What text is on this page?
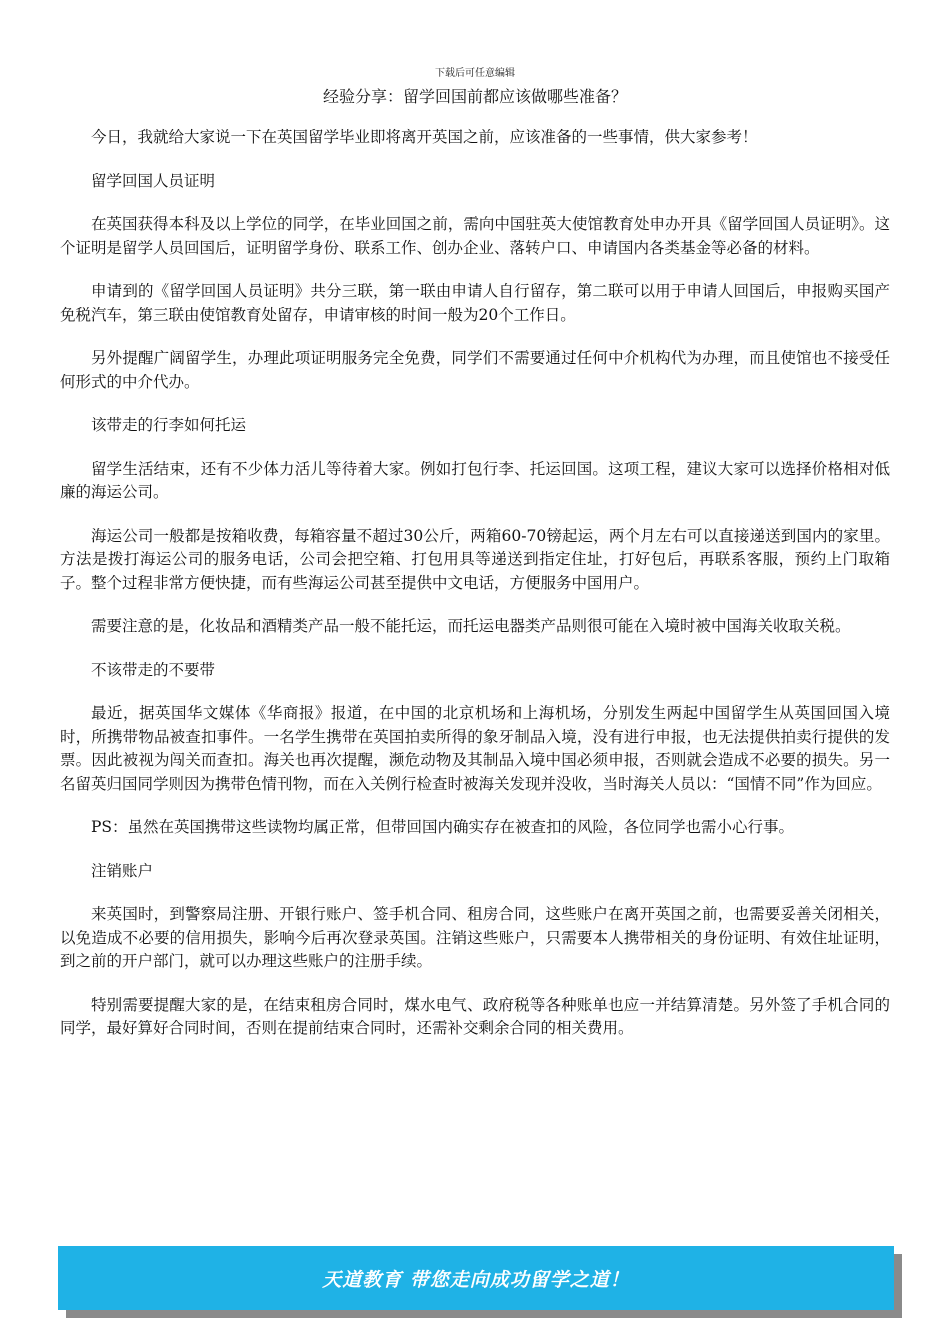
下载后可任意编辑
经验分享：留学回国前都应该做哪些准备？

今日，我就给大家说一下在英国留学毕业即将离开英国之前，应该准备的一些事情，供大家参考！

留学回国人员证明

在英国获得本科及以上学位的同学，在毕业回国之前，需向中国驻英大使馆教育处申办开具《留学回国人员证明》。这个证明是留学人员回国后，证明留学身份、联系工作、创办企业、落转户口、申请国内各类基金等必备的材料。

申请到的《留学回国人员证明》共分三联，第一联由申请人自行留存，第二联可以用于申请人回国后，申报购买国产免税汽车，第三联由使馆教育处留存，申请审核的时间一般为20个工作日。

另外提醒广阔留学生，办理此项证明服务完全免费，同学们不需要通过任何中介机构代为办理，而且使馆也不接受任何形式的中介代办。

该带走的行李如何托运

留学生活结束，还有不少体力活儿等待着大家。例如打包行李、托运回国。这项工程，建议大家可以选择价格相对低廉的海运公司。

海运公司一般都是按箱收费，每箱容量不超过30公斤，两箱60-70镑起运，两个月左右可以直接递送到国内的家里。方法是拨打海运公司的服务电话，公司会把空箱、打包用具等递送到指定住址，打好包后，再联系客服，预约上门取箱子。整个过程非常方便快捷，而有些海运公司甚至提供中文电话，方便服务中国用户。

需要注意的是，化妆品和酒精类产品一般不能托运，而托运电器类产品则很可能在入境时被中国海关收取关税。

不该带走的不要带

最近，据英国华文媒体《华商报》报道，在中国的北京机场和上海机场，分别发生两起中国留学生从英国回国入境时，所携带物品被查扣事件。一名学生携带在英国拍卖所得的象牙制品入境，没有进行申报，也无法提供拍卖行提供的发票。因此被视为闯关而查扣。海关也再次提醒，濒危动物及其制品入境中国必须申报，否则就会造成不必要的损失。另一名留英归国同学则因为携带色情刊物，而在入关例行检查时被海关发现并没收，当时海关人员以：“国情不同”作为回应。

PS：虽然在英国携带这些读物均属正常，但带回国内确实存在被查扣的风险，各位同学也需小心行事。

注销账户

来英国时，到警察局注册、开银行账户、签手机合同、租房合同，这些账户在离开英国之前，也需要妥善关闭相关，以免造成不必要的信用损失，影响今后再次登录英国。注销这些账户，只需要本人携带相关的身份证明、有效住址证明，到之前的开户部门，就可以办理这些账户的注册手续。

特别需要提醒大家的是，在结束租房合同时，煤水电气、政府税等各种账单也应一并结算清楚。另外签了手机合同的同学，最好算好合同时间，否则在提前结束合同时，还需补交剩余合同的相关费用。

天道教育 带您走向成功留学之道！
